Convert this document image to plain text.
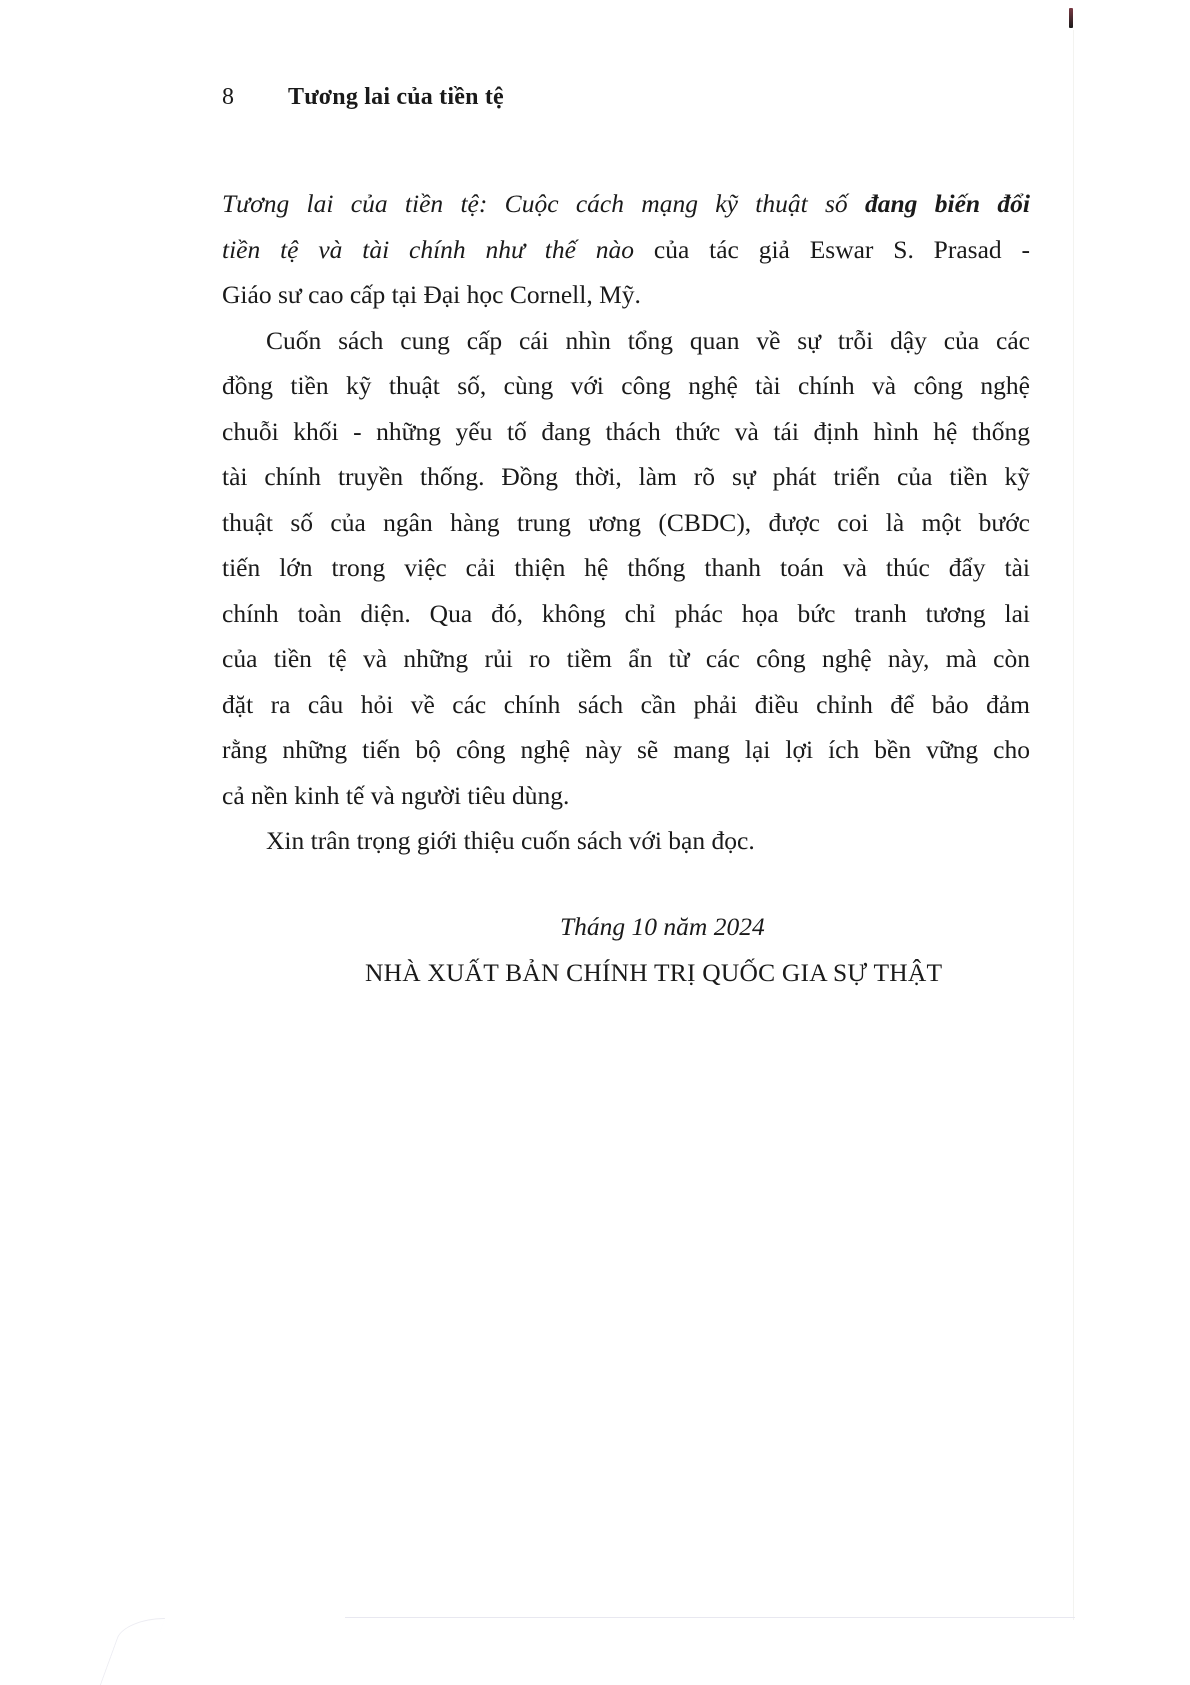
8	Tương lai của tiền tệ
Tương lai của tiền tệ: Cuộc cách mạng kỹ thuật số đang biến đổi
tiền tệ và tài chính như thế nào của tác giả Eswar S. Prasad -
Giáo sư cao cấp tại Đại học Cornell, Mỹ.
Cuốn sách cung cấp cái nhìn tổng quan về sự trỗi dậy của các
đồng tiền kỹ thuật số, cùng với công nghệ tài chính và công nghệ
chuỗi khối - những yếu tố đang thách thức và tái định hình hệ thống
tài chính truyền thống. Đồng thời, làm rõ sự phát triển của tiền kỹ
thuật số của ngân hàng trung ương (CBDC), được coi là một bước
tiến lớn trong việc cải thiện hệ thống thanh toán và thúc đẩy tài
chính toàn diện. Qua đó, không chỉ phác họa bức tranh tương lai
của tiền tệ và những rủi ro tiềm ẩn từ các công nghệ này, mà còn
đặt ra câu hỏi về các chính sách cần phải điều chỉnh để bảo đảm
rằng những tiến bộ công nghệ này sẽ mang lại lợi ích bền vững cho
cả nền kinh tế và người tiêu dùng.
Xin trân trọng giới thiệu cuốn sách với bạn đọc.
Tháng 10 năm 2024
NHÀ XUẤT BẢN CHÍNH TRỊ QUỐC GIA SỰ THẬT
